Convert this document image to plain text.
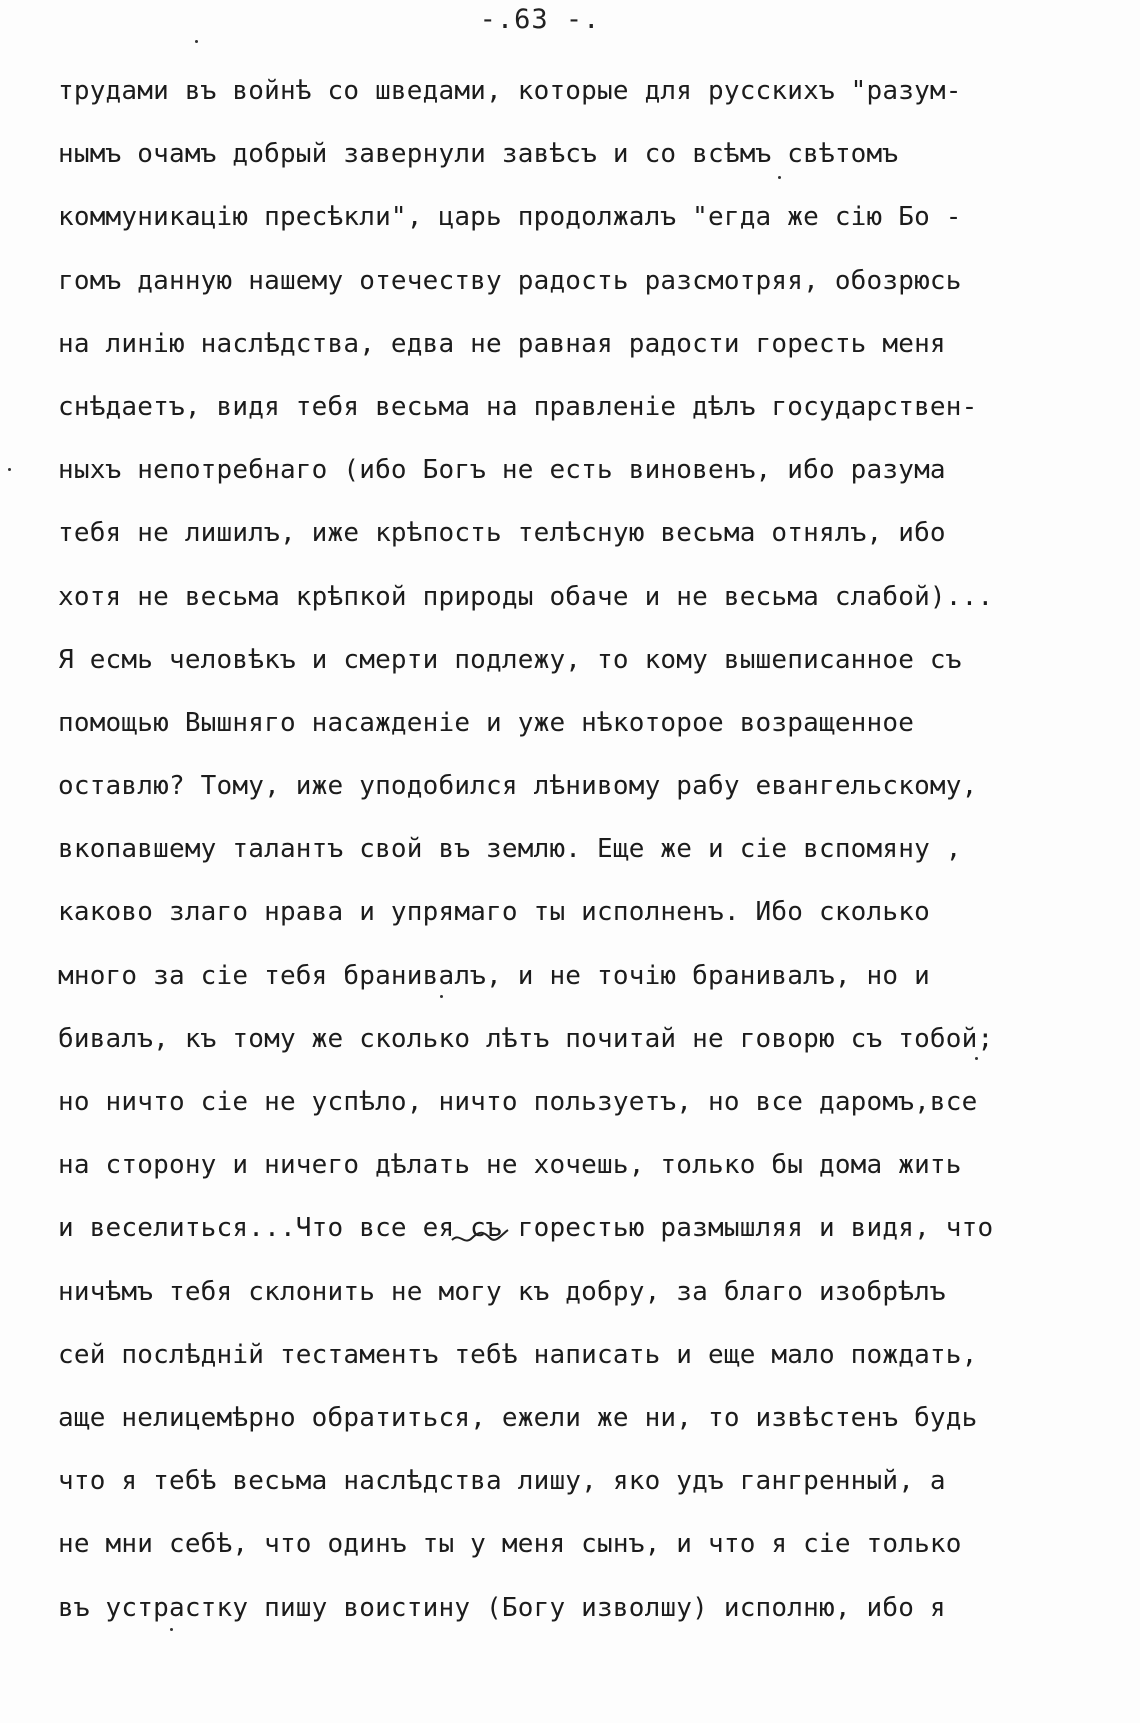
-.63 -.
трудами въ войнѣ со шведами, которые для русскихъ "разум-
нымъ очамъ добрый завернули завѣсъ и со всѣмъ свѣтомъ
коммуникацію пресѣкли", царь продолжалъ "егда же сію Бо -
гомъ данную нашему отечеству радость разсмотряя, обозрюсь
на линію наслѣдства, едва не равная радости горесть меня
снѣдаетъ, видя тебя весьма на правленіе дѣлъ государствен-
ныхъ непотребнаго (ибо Богъ не есть виновенъ, ибо разума
тебя не лишилъ, иже крѣпость телѣсную весьма отнялъ, ибо
хотя не весьма крѣпкой природы обаче и не весьма слабой)...
Я есмь человѣкъ и смерти подлежу, то кому вышеписанное съ
помощью Вышняго насажденіе и уже нѣкоторое возращенное
оставлю? Тому, иже уподобился лѣнивому рабу евангельскому,
вкопавшему талантъ свой въ землю. Еще же и сіе вспомяну ,
каково злаго нрава и упрямаго ты исполненъ. Ибо сколько
много за сіе тебя бранивалъ, и не точію бранивалъ, но и
бивалъ, къ тому же сколько лѣтъ почитай не говорю съ тобой;
но ничто сіе не успѣло, ничто пользуетъ, но все даромъ,все
на сторону и ничего дѣлать не хочешь, только бы дома жить
и веселиться...Что все ея съ горестью размышляя и видя, что
ничѣмъ тебя склонить не могу къ добру, за благо изобрѣлъ
сей послѣдній тестаментъ тебѣ написать и еще мало пождать,
аще нелицемѣрно обратиться, ежели же ни, то извѣстенъ будь
что я тебѣ весьма наслѣдства лишу, яко удъ гангренный, а
не мни себѣ, что одинъ ты у меня сынъ, и что я сіе только
въ устрастку пишу воистину (Богу изволшу) исполню, ибо я
